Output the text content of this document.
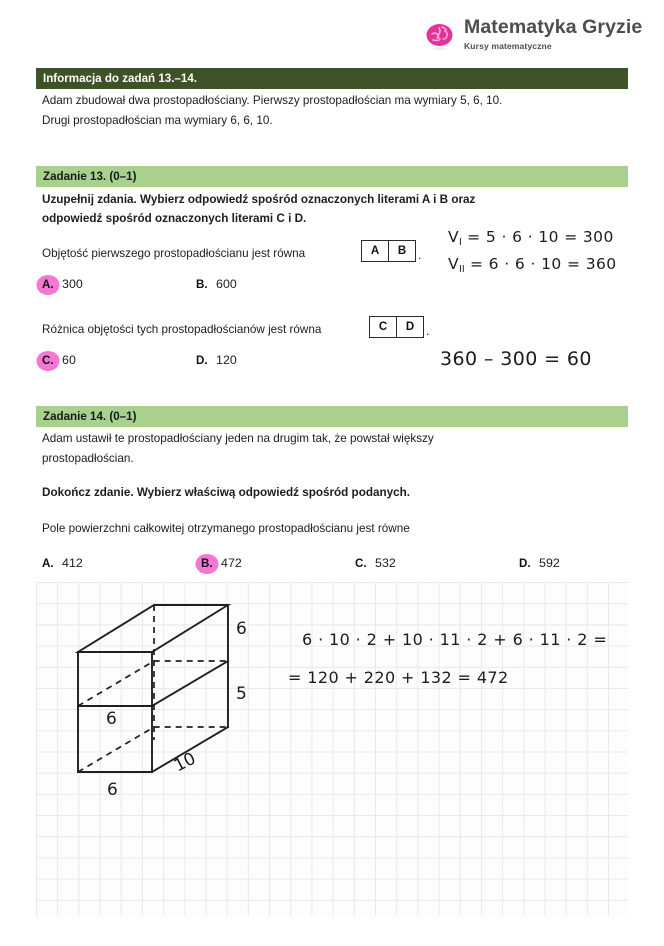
Matematyka Gryzie
Kursy matematyczne
Informacja do zadań 13.–14.
Adam zbudował dwa prostopadłościany. Pierwszy prostopadłościan ma wymiary 5, 6, 10.
Drugi prostopadłościan ma wymiary 6, 6, 10.
Zadanie 13. (0–1)
Uzupełnij zdania. Wybierz odpowiedź spośród oznaczonych literami A i B oraz
odpowiedź spośród oznaczonych literami C i D.
Objętość pierwszego prostopadłościanu jest równa	A	B .
A. 300	B. 600
Różnica objętości tych prostopadłościanów jest równa	C	D .
C. 60	D. 120
$V_I = 5 \cdot 6 \cdot 10 = 300$
$V_{II} = 6 \cdot 6 \cdot 10 = 360$
360 – 300 = 60
Zadanie 14. (0–1)
Adam ustawił te prostopadłościany jeden na drugim tak, że powstał większy
prostopadłościan.
Dokończ zdanie. Wybierz właściwą odpowiedź spośród podanych.
Pole powierzchni całkowitej otrzymanego prostopadłościanu jest równe
A. 412	B. 472	C. 532	D. 592
6
5
6
6
10
6 · 10 · 2 + 10 · 11 · 2 + 6 · 11 · 2 =
= 120 + 220 + 132 = 472
